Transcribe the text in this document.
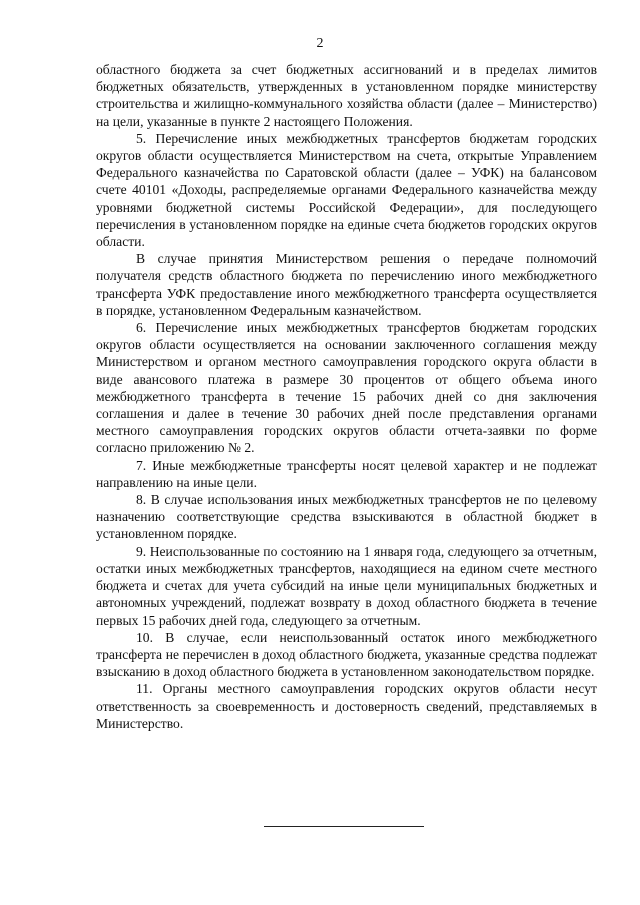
2

областного бюджета за счет бюджетных ассигнований и в пределах лимитов бюджетных обязательств, утвержденных в установленном порядке министерству строительства и жилищно-коммунального хозяйства области (далее – Министерство) на цели, указанные в пункте 2 настоящего Положения.

5. Перечисление иных межбюджетных трансфертов бюджетам городских округов области осуществляется Министерством на счета, открытые Управлением Федерального казначейства по Саратовской области (далее – УФК) на балансовом счете 40101 «Доходы, распределяемые органами Федерального казначейства между уровнями бюджетной системы Российской Федерации», для последующего перечисления в установленном порядке на единые счета бюджетов городских округов области.

В случае принятия Министерством решения о передаче полномочий получателя средств областного бюджета по перечислению иного межбюджетного трансферта УФК предоставление иного межбюджетного трансферта осуществляется в порядке, установленном Федеральным казначейством.

6. Перечисление иных межбюджетных трансфертов бюджетам городских округов области осуществляется на основании заключенного соглашения между Министерством и органом местного самоуправления городского округа области в виде авансового платежа в размере 30 процентов от общего объема иного межбюджетного трансферта в течение 15 рабочих дней со дня заключения соглашения и далее в течение 30 рабочих дней после представления органами местного самоуправления городских округов области отчета-заявки по форме согласно приложению № 2.

7. Иные межбюджетные трансферты носят целевой характер и не подлежат направлению на иные цели.

8. В случае использования иных межбюджетных трансфертов не по целевому назначению соответствующие средства взыскиваются в областной бюджет в установленном порядке.

9. Неиспользованные по состоянию на 1 января года, следующего за отчетным, остатки иных межбюджетных трансфертов, находящиеся на едином счете местного бюджета и счетах для учета субсидий на иные цели муниципальных бюджетных и автономных учреждений, подлежат возврату в доход областного бюджета в течение первых 15 рабочих дней года, следующего за отчетным.

10. В случае, если неиспользованный остаток иного межбюджетного трансферта не перечислен в доход областного бюджета, указанные средства подлежат взысканию в доход областного бюджета в установленном законодательством порядке.

11. Органы местного самоуправления городских округов области несут ответственность за своевременность и достоверность сведений, представляемых в Министерство.
